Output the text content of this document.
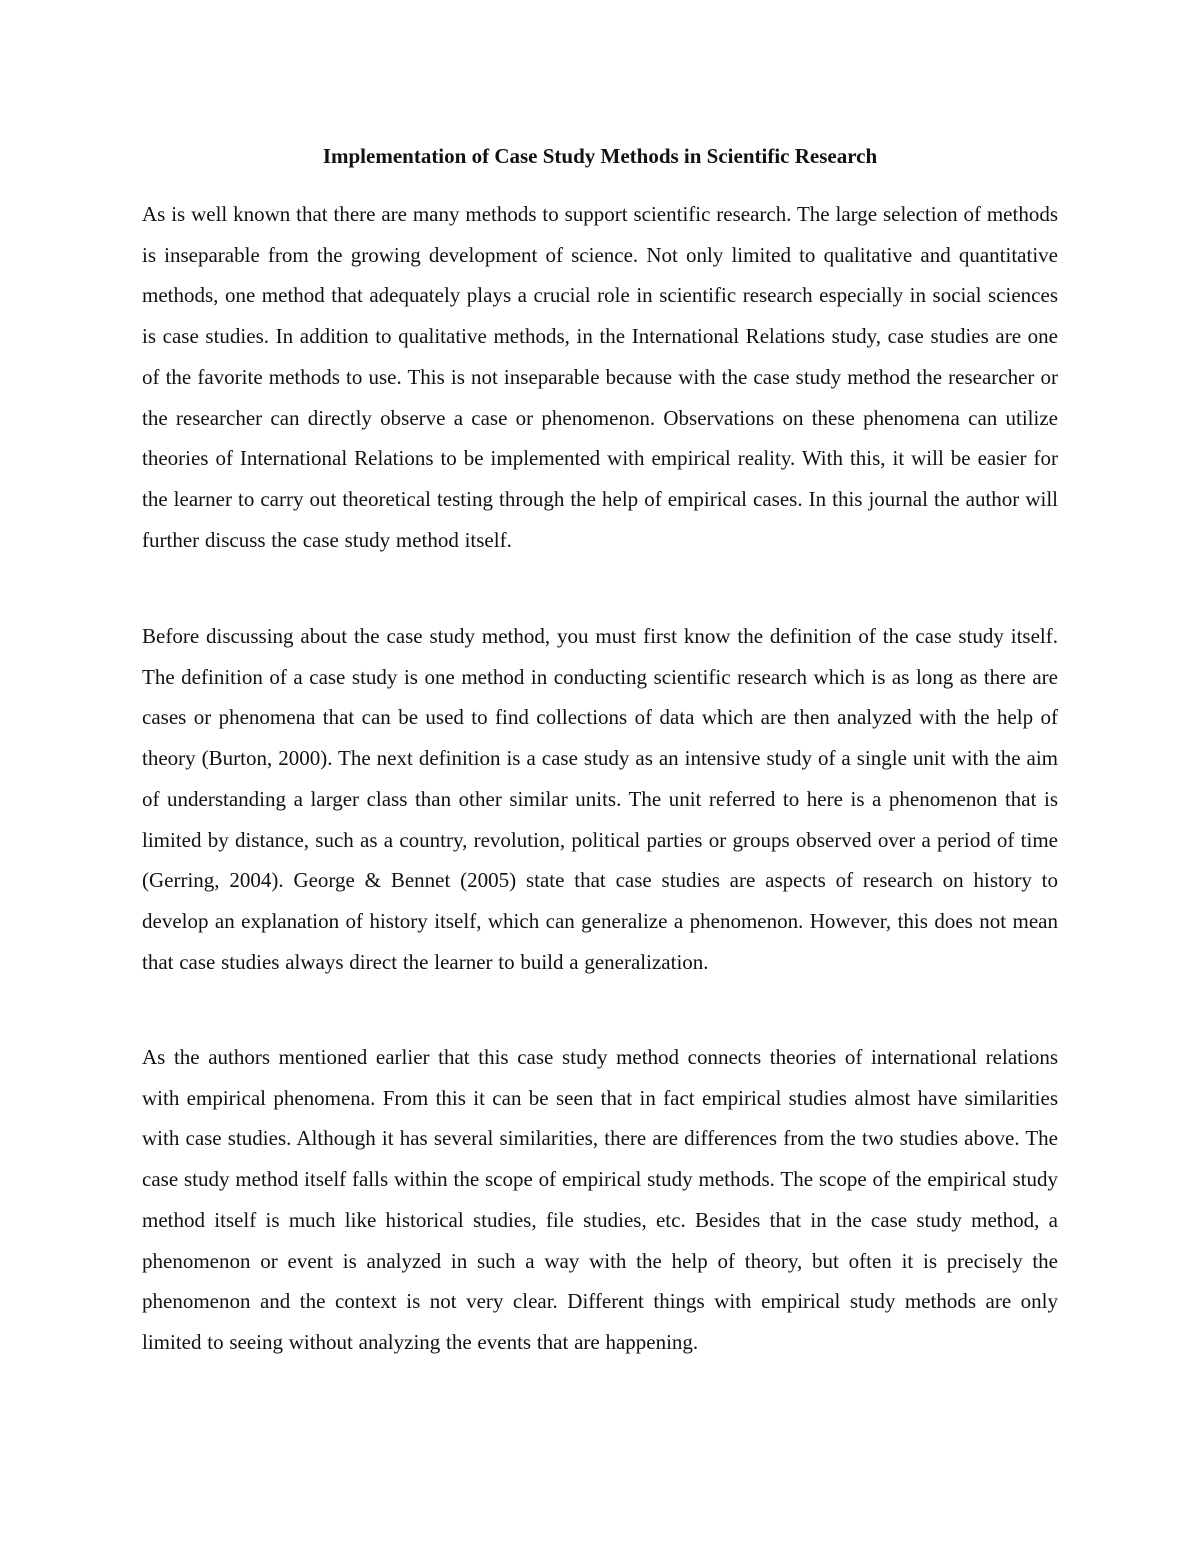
Implementation of Case Study Methods in Scientific Research

As is well known that there are many methods to support scientific research. The large selection of methods is inseparable from the growing development of science. Not only limited to qualitative and quantitative methods, one method that adequately plays a crucial role in scientific research especially in social sciences is case studies. In addition to qualitative methods, in the International Relations study, case studies are one of the favorite methods to use. This is not inseparable because with the case study method the researcher or the researcher can directly observe a case or phenomenon. Observations on these phenomena can utilize theories of International Relations to be implemented with empirical reality. With this, it will be easier for the learner to carry out theoretical testing through the help of empirical cases. In this journal the author will further discuss the case study method itself.

Before discussing about the case study method, you must first know the definition of the case study itself. The definition of a case study is one method in conducting scientific research which is as long as there are cases or phenomena that can be used to find collections of data which are then analyzed with the help of theory (Burton, 2000). The next definition is a case study as an intensive study of a single unit with the aim of understanding a larger class than other similar units. The unit referred to here is a phenomenon that is limited by distance, such as a country, revolution, political parties or groups observed over a period of time (Gerring, 2004). George & Bennet (2005) state that case studies are aspects of research on history to develop an explanation of history itself, which can generalize a phenomenon. However, this does not mean that case studies always direct the learner to build a generalization.

As the authors mentioned earlier that this case study method connects theories of international relations with empirical phenomena. From this it can be seen that in fact empirical studies almost have similarities with case studies. Although it has several similarities, there are differences from the two studies above. The case study method itself falls within the scope of empirical study methods. The scope of the empirical study method itself is much like historical studies, file studies, etc. Besides that in the case study method, a phenomenon or event is analyzed in such a way with the help of theory, but often it is precisely the phenomenon and the context is not very clear. Different things with empirical study methods are only limited to seeing without analyzing the events that are happening.
